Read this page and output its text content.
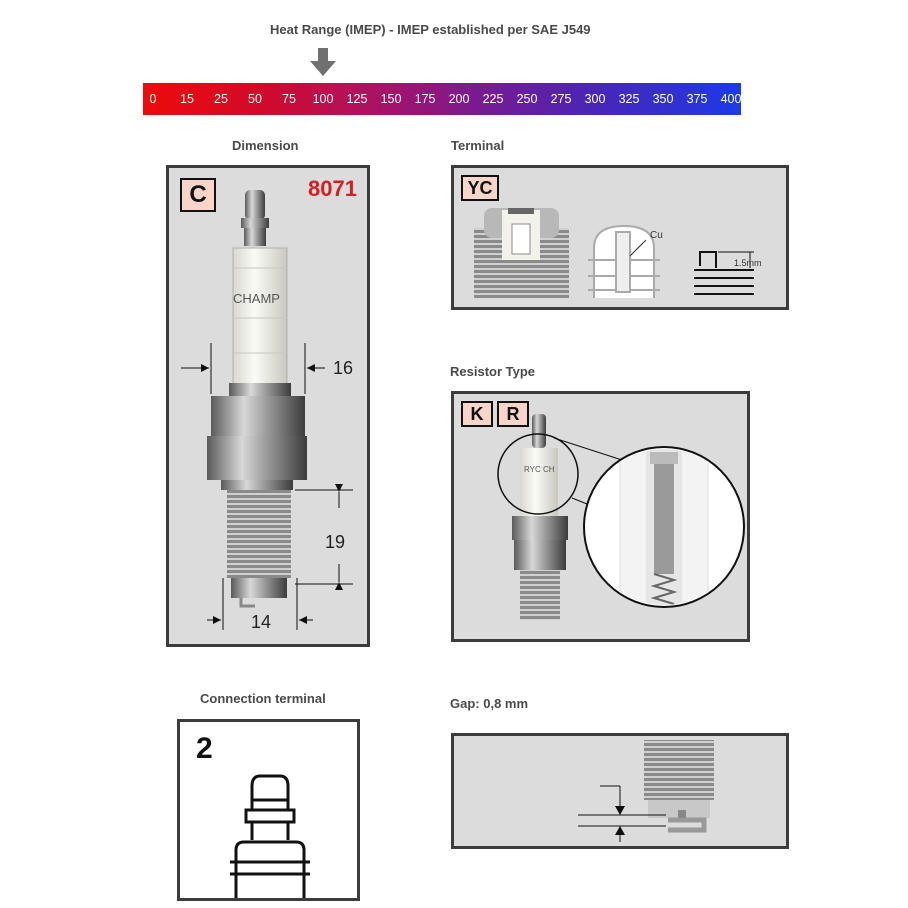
Heat Range (IMEP) - IMEP established per SAE J549
0 15 25 50 75 100 125 150 175 200 225 250 275 300 325 350 375 400
Dimension
C	8071
CHAMP
16
19
14
Terminal
YC
Cu
1.5mm
Resistor Type
K	R
RYC CH
Connection terminal
2
Gap: 0,8 mm
